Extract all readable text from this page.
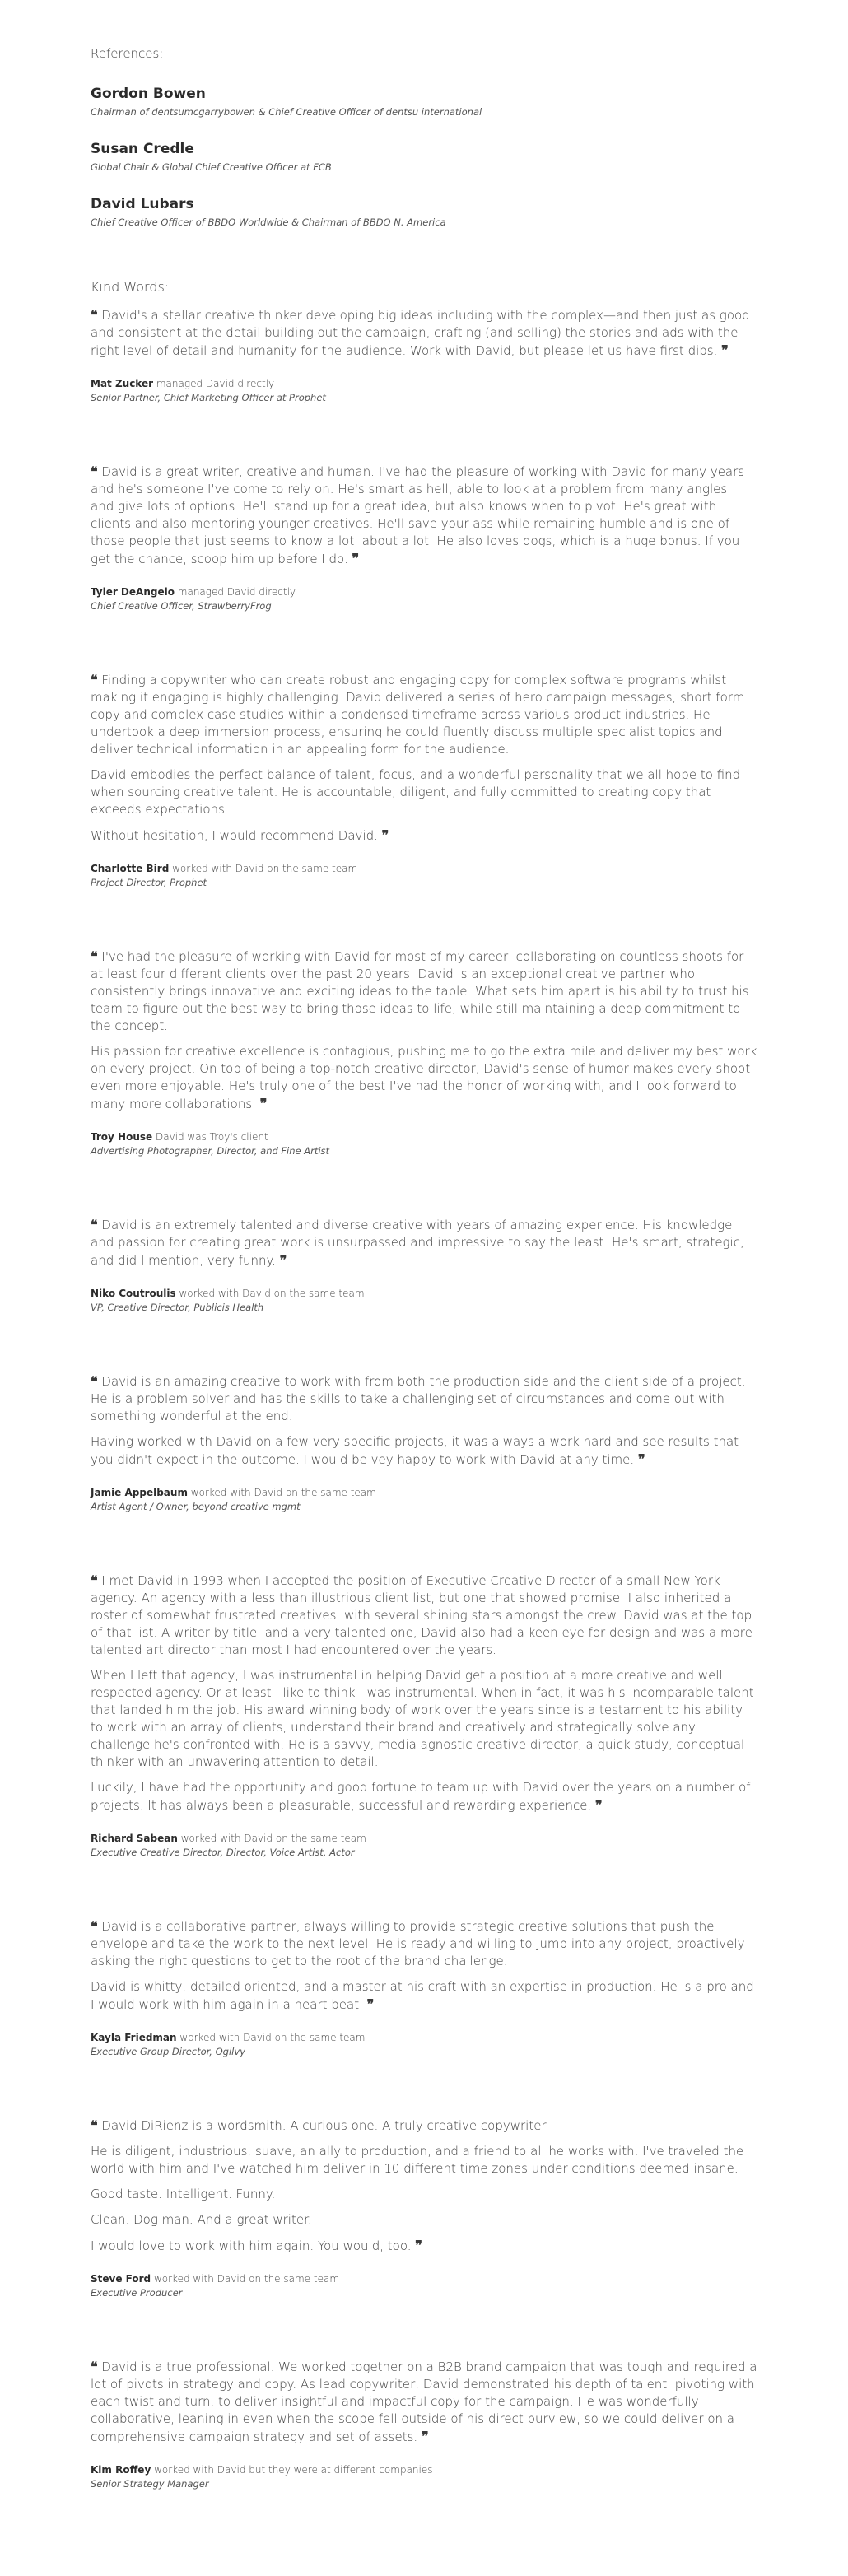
References:
Gordon Bowen
Chairman of dentsumcgarrybowen & Chief Creative Officer of dentsu international
Susan Credle
Global Chair & Global Chief Creative Officer at FCB
David Lubars
Chief Creative Officer of BBDO Worldwide & Chairman of BBDO N. America
Kind Words:

❝ David's a stellar creative thinker developing big ideas including with the complex—and then just as good and consistent at the detail building out the campaign, crafting (and selling) the stories and ads with the right level of detail and humanity for the audience. Work with David, but please let us have first dibs. ❞

Mat Zucker managed David directly
Senior Partner, Chief Marketing Officer at Prophet

❝ David is a great writer, creative and human. I've had the pleasure of working with David for many years and he's someone I've come to rely on. He's smart as hell, able to look at a problem from many angles, and give lots of options. He'll stand up for a great idea, but also knows when to pivot. He's great with clients and also mentoring younger creatives. He'll save your ass while remaining humble and is one of those people that just seems to know a lot, about a lot. He also loves dogs, which is a huge bonus. If you get the chance, scoop him up before I do. ❞

Tyler DeAngelo managed David directly
Chief Creative Officer, StrawberryFrog

❝ Finding a copywriter who can create robust and engaging copy for complex software programs whilst making it engaging is highly challenging. David delivered a series of hero campaign messages, short form copy and complex case studies within a condensed timeframe across various product industries. He undertook a deep immersion process, ensuring he could fluently discuss multiple specialist topics and deliver technical information in an appealing form for the audience.

David embodies the perfect balance of talent, focus, and a wonderful personality that we all hope to find when sourcing creative talent. He is accountable, diligent, and fully committed to creating copy that exceeds expectations.

Without hesitation, I would recommend David. ❞

Charlotte Bird worked with David on the same team
Project Director, Prophet

❝ I've had the pleasure of working with David for most of my career, collaborating on countless shoots for at least four different clients over the past 20 years. David is an exceptional creative partner who consistently brings innovative and exciting ideas to the table. What sets him apart is his ability to trust his team to figure out the best way to bring those ideas to life, while still maintaining a deep commitment to the concept.

His passion for creative excellence is contagious, pushing me to go the extra mile and deliver my best work on every project. On top of being a top-notch creative director, David's sense of humor makes every shoot even more enjoyable. He's truly one of the best I've had the honor of working with, and I look forward to many more collaborations. ❞

Troy House David was Troy's client
Advertising Photographer, Director, and Fine Artist

❝ David is an extremely talented and diverse creative with years of amazing experience. His knowledge and passion for creating great work is unsurpassed and impressive to say the least. He's smart, strategic, and did I mention, very funny. ❞

Niko Coutroulis worked with David on the same team
VP, Creative Director, Publicis Health

❝ David is an amazing creative to work with from both the production side and the client side of a project. He is a problem solver and has the skills to take a challenging set of circumstances and come out with something wonderful at the end.

Having worked with David on a few very specific projects, it was always a work hard and see results that you didn't expect in the outcome. I would be vey happy to work with David at any time. ❞

Jamie Appelbaum worked with David on the same team
Artist Agent / Owner, beyond creative mgmt

❝ I met David in 1993 when I accepted the position of Executive Creative Director of a small New York agency. An agency with a less than illustrious client list, but one that showed promise. I also inherited a roster of somewhat frustrated creatives, with several shining stars amongst the crew. David was at the top of that list. A writer by title, and a very talented one, David also had a keen eye for design and was a more talented art director than most I had encountered over the years.

When I left that agency, I was instrumental in helping David get a position at a more creative and well respected agency. Or at least I like to think I was instrumental. When in fact, it was his incomparable talent that landed him the job. His award winning body of work over the years since is a testament to his ability to work with an array of clients, understand their brand and creatively and strategically solve any challenge he's confronted with. He is a savvy, media agnostic creative director, a quick study, conceptual thinker with an unwavering attention to detail.

Luckily, I have had the opportunity and good fortune to team up with David over the years on a number of projects. It has always been a pleasurable, successful and rewarding experience. ❞

Richard Sabean worked with David on the same team
Executive Creative Director, Director, Voice Artist, Actor

❝ David is a collaborative partner, always willing to provide strategic creative solutions that push the envelope and take the work to the next level. He is ready and willing to jump into any project, proactively asking the right questions to get to the root of the brand challenge.

David is whitty, detailed oriented, and a master at his craft with an expertise in production. He is a pro and I would work with him again in a heart beat. ❞

Kayla Friedman worked with David on the same team
Executive Group Director, Ogilvy

❝ David DiRienz is a wordsmith. A curious one. A truly creative copywriter.

He is diligent, industrious, suave, an ally to production, and a friend to all he works with. I've traveled the world with him and I've watched him deliver in 10 different time zones under conditions deemed insane.

Good taste. Intelligent. Funny.

Clean. Dog man. And a great writer.

I would love to work with him again. You would, too. ❞

Steve Ford worked with David on the same team
Executive Producer

❝ David is a true professional. We worked together on a B2B brand campaign that was tough and required a lot of pivots in strategy and copy. As lead copywriter, David demonstrated his depth of talent, pivoting with each twist and turn, to deliver insightful and impactful copy for the campaign. He was wonderfully collaborative, leaning in even when the scope fell outside of his direct purview, so we could deliver on a comprehensive campaign strategy and set of assets. ❞

Kim Roffey worked with David but they were at different companies
Senior Strategy Manager
